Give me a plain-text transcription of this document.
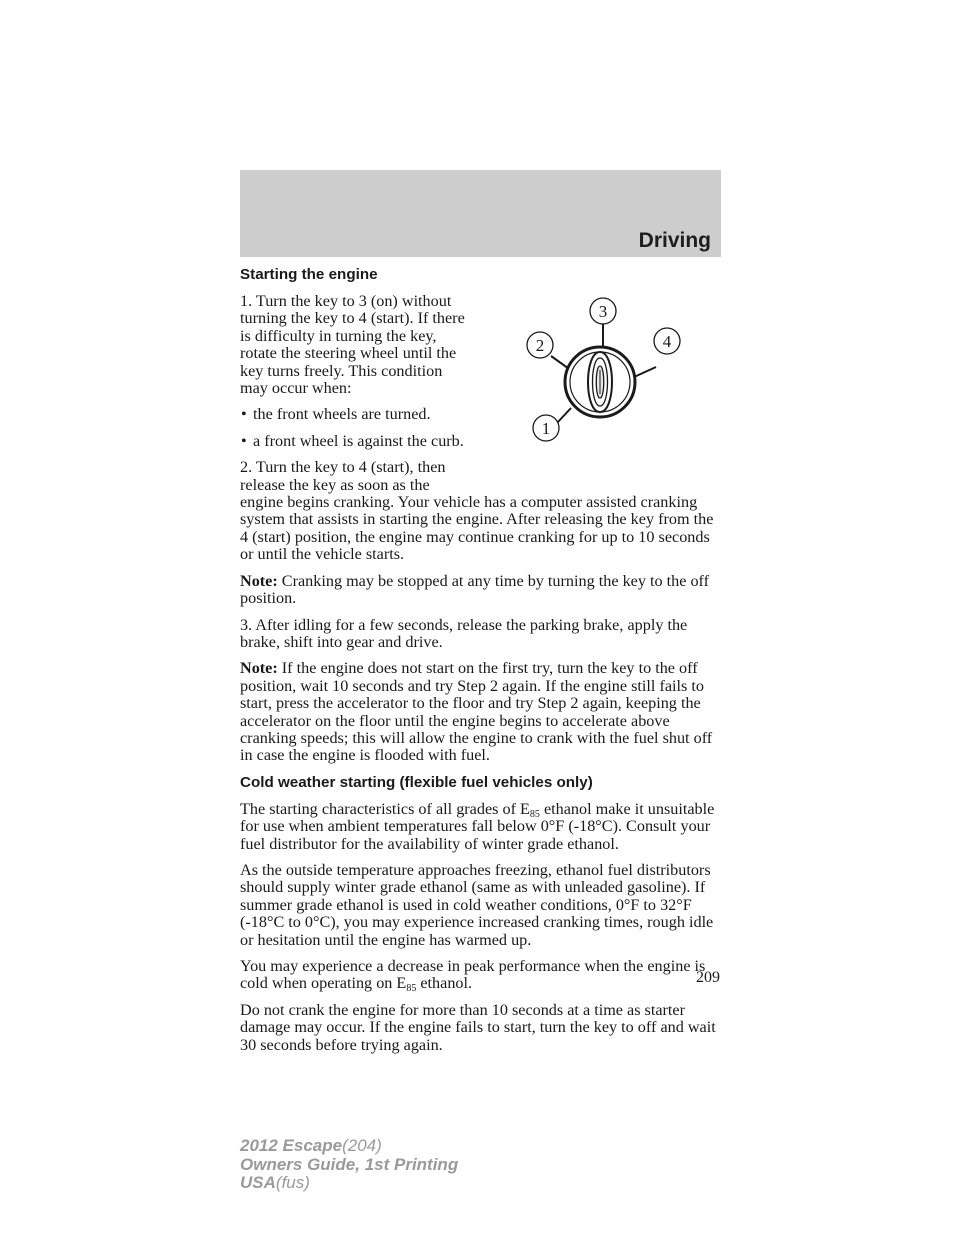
Driving
3
2	4
1
Starting the engine

1. Turn the key to 3 (on) without turning the key to 4 (start). If there is difficulty in turning the key, rotate the steering wheel until the key turns freely. This condition may occur when:

• the front wheels are turned.
• a front wheel is against the curb.

2. Turn the key to 4 (start), then release the key as soon as the
engine begins cranking. Your vehicle has a computer assisted cranking system that assists in starting the engine. After releasing the key from the 4 (start) position, the engine may continue cranking for up to 10 seconds or until the vehicle starts.

Note: Cranking may be stopped at any time by turning the key to the off position.

3. After idling for a few seconds, release the parking brake, apply the brake, shift into gear and drive.

Note: If the engine does not start on the first try, turn the key to the off position, wait 10 seconds and try Step 2 again. If the engine still fails to start, press the accelerator to the floor and try Step 2 again, keeping the accelerator on the floor until the engine begins to accelerate above cranking speeds; this will allow the engine to crank with the fuel shut off in case the engine is flooded with fuel.

Cold weather starting (flexible fuel vehicles only)

The starting characteristics of all grades of $E_{85}$ ethanol make it unsuitable for use when ambient temperatures fall below 0°F (-18°C). Consult your fuel distributor for the availability of winter grade ethanol.

As the outside temperature approaches freezing, ethanol fuel distributors should supply winter grade ethanol (same as with unleaded gasoline). If summer grade ethanol is used in cold weather conditions, 0°F to 32°F (-18°C to 0°C), you may experience increased cranking times, rough idle or hesitation until the engine has warmed up.

You may experience a decrease in peak performance when the engine is cold when operating on $E_{85}$ ethanol.

Do not crank the engine for more than 10 seconds at a time as starter damage may occur. If the engine fails to start, turn the key to off and wait 30 seconds before trying again.

209
2012 Escape(204)
Owners Guide, 1st Printing
USA(fus)
